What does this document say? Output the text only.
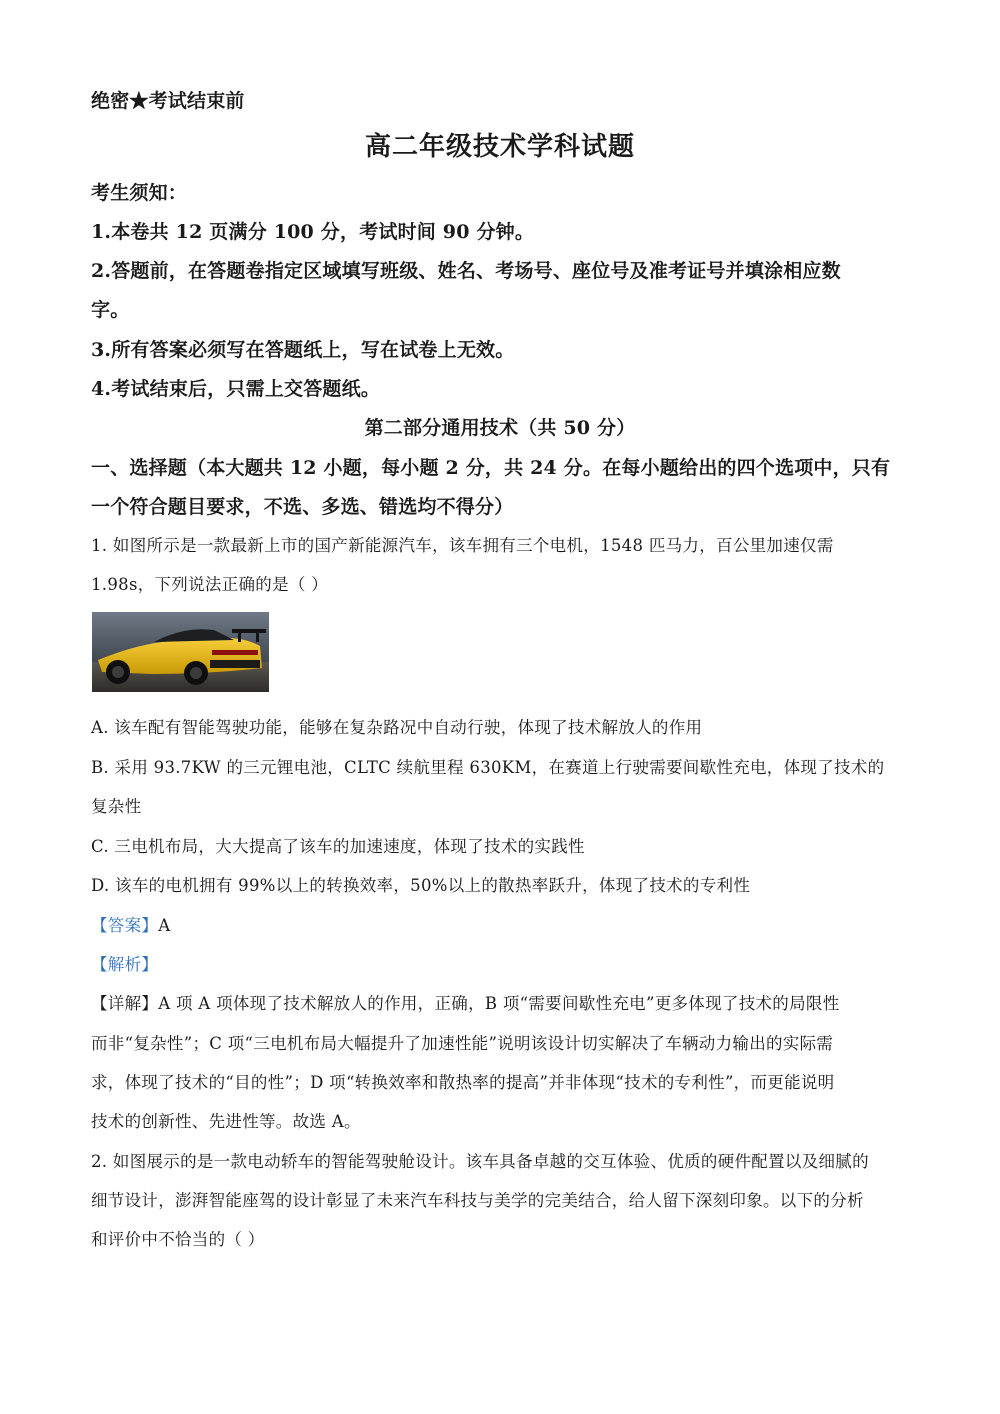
绝密★考试结束前
高二年级技术学科试题
考生须知：
1.本卷共 12 页满分 100 分，考试时间 90 分钟。
2.答题前，在答题卷指定区域填写班级、姓名、考场号、座位号及准考证号并填涂相应数
字。
3.所有答案必须写在答题纸上，写在试卷上无效。
4.考试结束后，只需上交答题纸。
第二部分通用技术（共 50 分）
一、选择题（本大题共 12 小题，每小题 2 分，共 24 分。在每小题给出的四个选项中，只有
一个符合题目要求，不选、多选、错选均不得分）
1. 如图所示是一款最新上市的国产新能源汽车，该车拥有三个电机，1548 匹马力，百公里加速仅需
1.98s，下列说法正确的是（ ）
A. 该车配有智能驾驶功能，能够在复杂路况中自动行驶，体现了技术解放人的作用
B. 采用 93.7KW 的三元锂电池，CLTC 续航里程 630KM，在赛道上行驶需要间歇性充电，体现了技术的
复杂性
C. 三电机布局，大大提高了该车的加速速度，体现了技术的实践性
D. 该车的电机拥有 99%以上的转换效率，50%以上的散热率跃升，体现了技术的专利性
【答案】A
【解析】
【详解】A 项 A 项体现了技术解放人的作用，正确，B 项“需要间歇性充电”更多体现了技术的局限性
而非“复杂性”；C 项“三电机布局大幅提升了加速性能”说明该设计切实解决了车辆动力输出的实际需
求，体现了技术的“目的性”；D 项“转换效率和散热率的提高”并非体现“技术的专利性”，而更能说明
技术的创新性、先进性等。故选 A。
2. 如图展示的是一款电动轿车的智能驾驶舱设计。该车具备卓越的交互体验、优质的硬件配置以及细腻的
细节设计，澎湃智能座驾的设计彰显了未来汽车科技与美学的完美结合，给人留下深刻印象。以下的分析
和评价中不恰当的（ ）
